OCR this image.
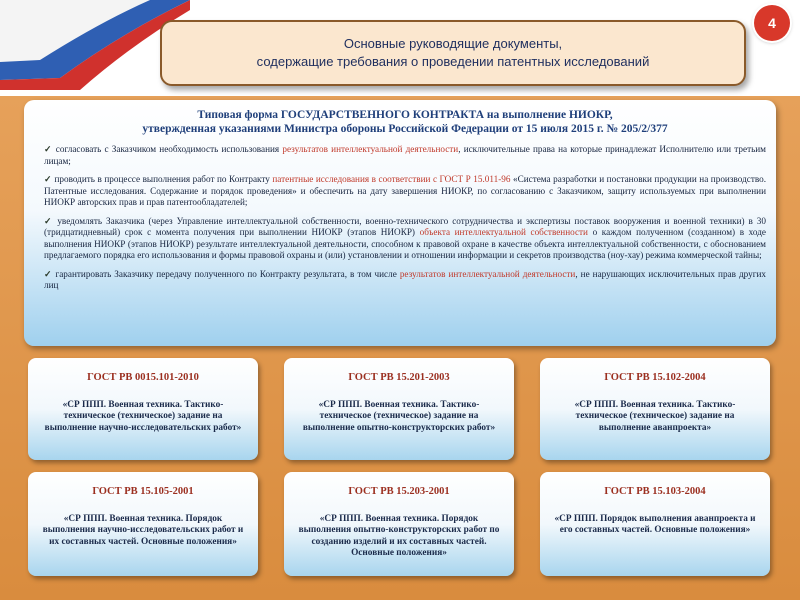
4
Основные руководящие документы,
содержащие требования о проведении патентных исследований
Типовая форма ГОСУДАРСТВЕННОГО КОНТРАКТА на выполнение НИОКР,
утвержденная указаниями Министра обороны Российской Федерации от 15 июля 2015 г. № 205/2/377
✓ согласовать с Заказчиком необходимость использования результатов интеллектуальной деятельности, исключительные права на которые принадлежат Исполнителю или третьим лицам;
✓ проводить в процессе выполнения работ по Контракту патентные исследования в соответствии с ГОСТ Р 15.011-96 «Система разработки и постановки продукции на производство. Патентные исследования. Содержание и порядок проведения» и обеспечить на дату завершения НИОКР, по согласованию с Заказчиком, защиту используемых при выполнении НИОКР авторских прав и прав патентообладателей;
✓ уведомлять Заказчика (через Управление интеллектуальной собственности, военно-технического сотрудничества и экспертизы поставок вооружения и военной техники) в 30 (тридцатидневный) срок с момента получения при выполнении НИОКР (этапов НИОКР) объекта интеллектуальной собственности о каждом полученном (созданном) в ходе выполнения НИОКР (этапов НИОКР) результате интеллектуальной деятельности, способном к правовой охране в качестве объекта интеллектуальной собственности, с обоснованием предлагаемого порядка его использования и формы правовой охраны и (или) установлении и отношении информации и секретов производства (ноу-хау) режима коммерческой тайны;
✓ гарантировать Заказчику передачу полученного по Контракту результата, в том числе результатов интеллектуальной деятельности, не нарушающих исключительных прав других лиц
ГОСТ РВ 0015.101-2010
«СР ППП. Военная техника. Тактико-техническое (техническое) задание на выполнение научно-исследовательских работ»
ГОСТ РВ 15.201-2003
«СР ППП. Военная техника. Тактико-техническое (техническое) задание на выполнение опытно-конструкторских работ»
ГОСТ РВ 15.102-2004
«СР ППП. Военная техника. Тактико-техническое (техническое) задание на выполнение аванпроекта»
ГОСТ РВ 15.105-2001
«СР ППП. Военная техника. Порядок выполнения научно-исследовательских работ и их составных частей. Основные положения»
ГОСТ РВ 15.203-2001
«СР ППП. Военная техника. Порядок выполнения опытно-конструкторских работ по созданию изделий и их составных частей. Основные положения»
ГОСТ РВ 15.103-2004
«СР ППП. Порядок выполнения аванпроекта и его составных частей. Основные положения»
